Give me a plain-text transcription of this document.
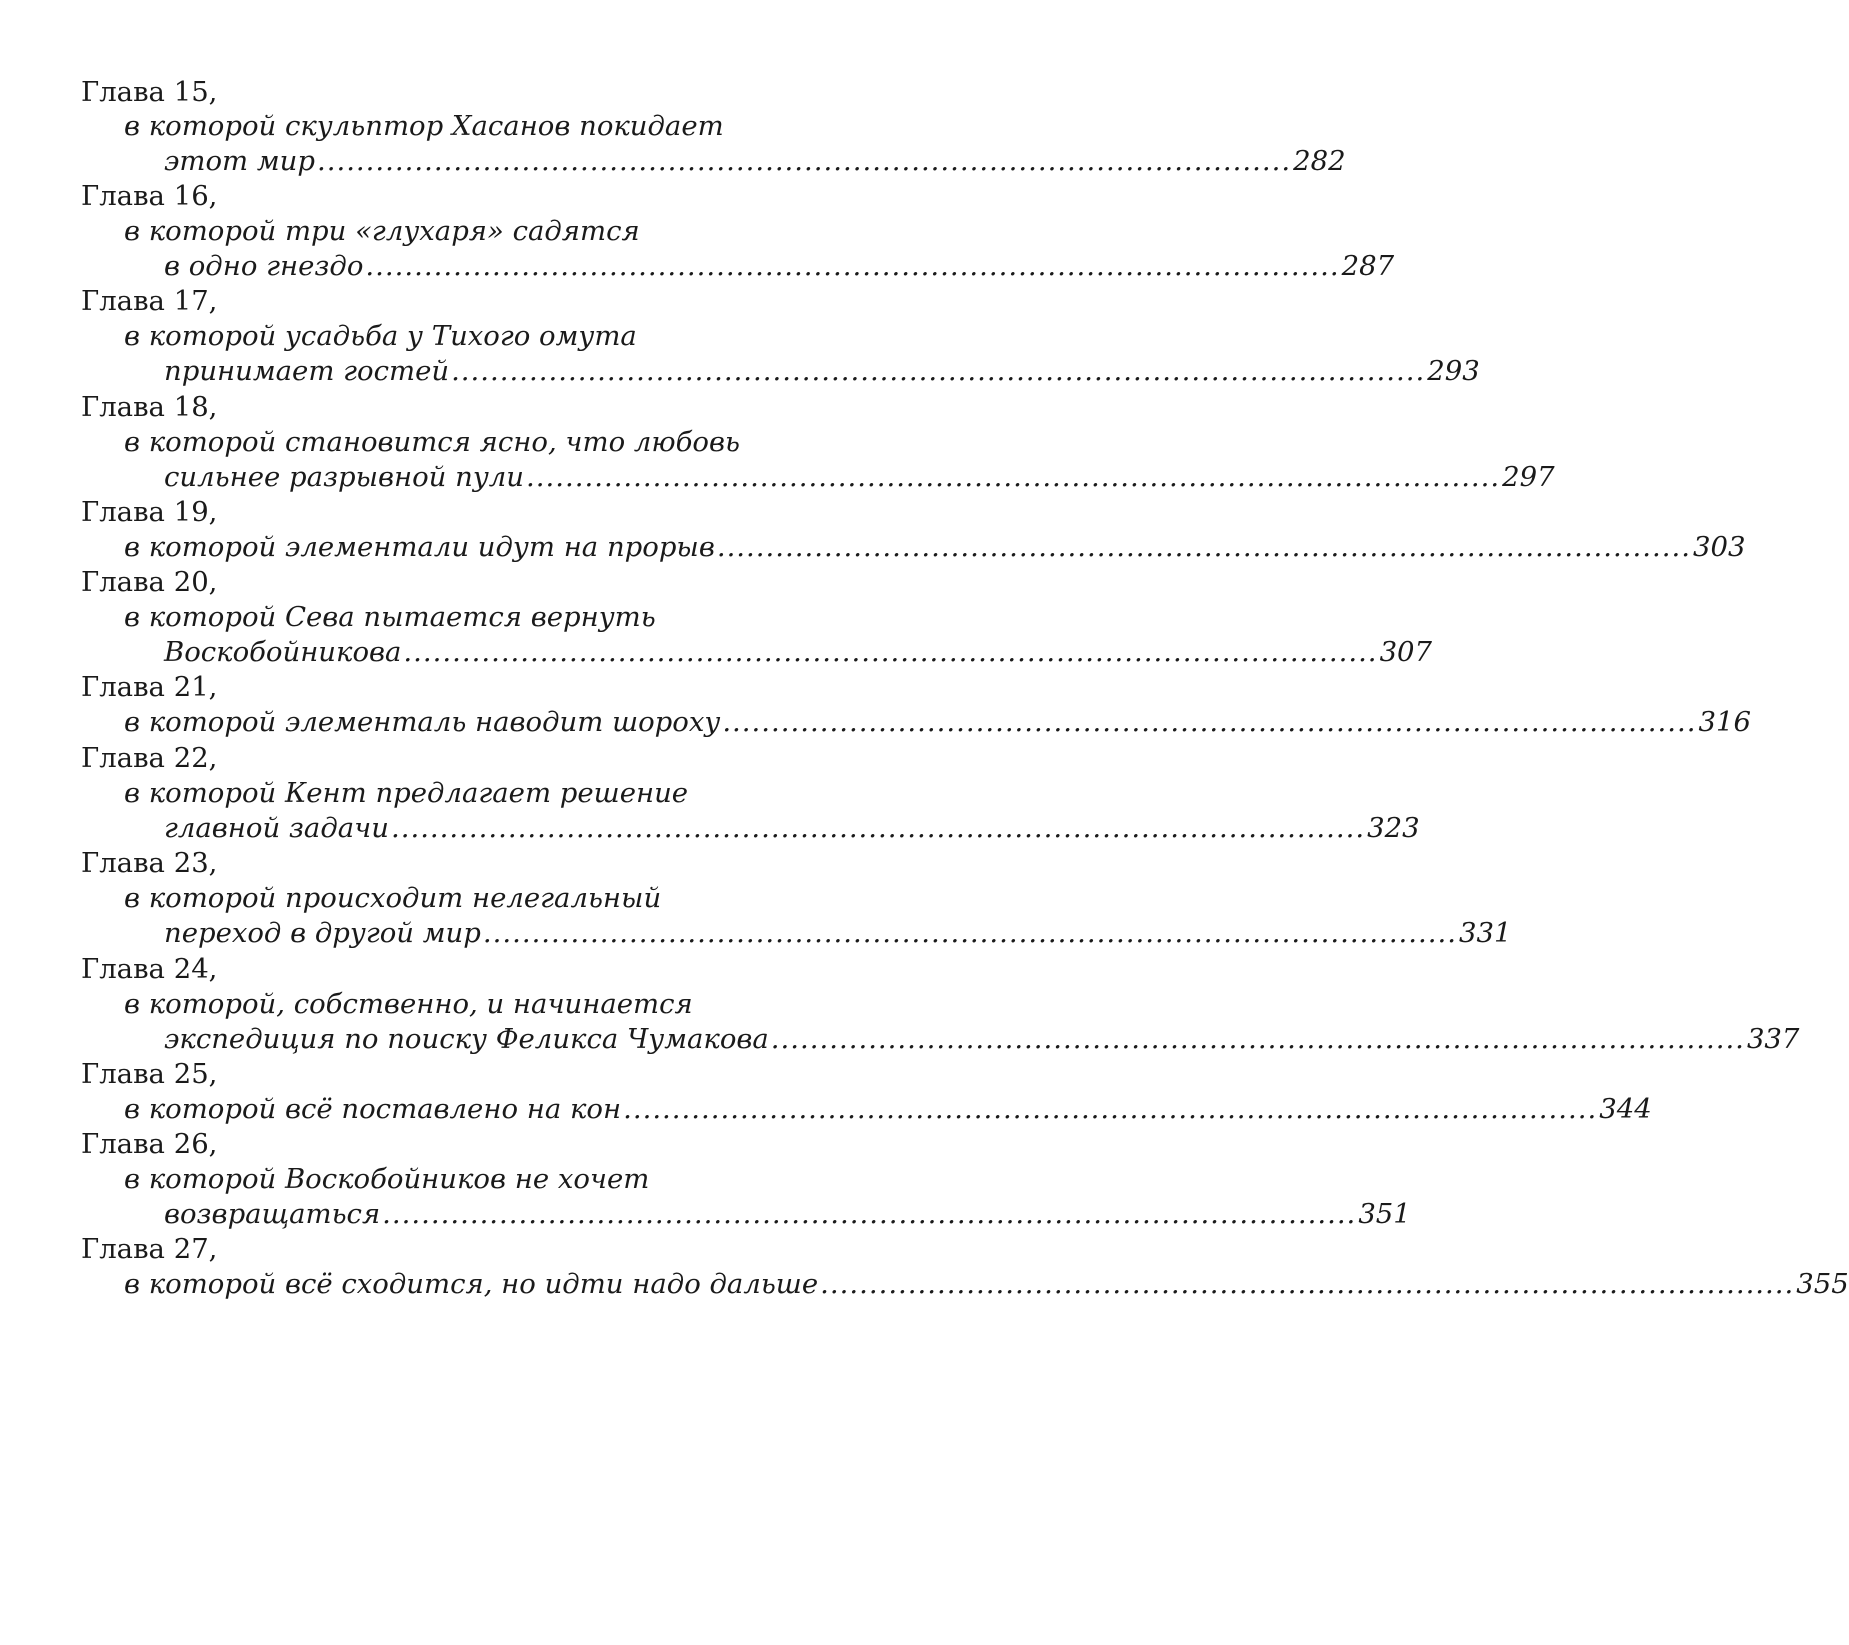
Глава 15,
в которой скульптор Хасанов покидает
этот мир .................................................................................................... 282
Глава 16,
в которой три «глухаря» садятся
в одно гнездо .................................................................................................... 287
Глава 17,
в которой усадьба у Тихого омута
принимает гостей .................................................................................................... 293
Глава 18,
в которой становится ясно, что любовь
сильнее разрывной пули .................................................................................................... 297
Глава 19,
в которой элементали идут на прорыв .................................................................................................... 303
Глава 20,
в которой Сева пытается вернуть
Воскобойникова .................................................................................................... 307
Глава 21,
в которой элементаль наводит шороху .................................................................................................... 316
Глава 22,
в которой Кент предлагает решение
главной задачи .................................................................................................... 323
Глава 23,
в которой происходит нелегальный
переход в другой мир .................................................................................................... 331
Глава 24,
в которой, собственно, и начинается
экспедиция по поиску Феликса Чумакова .................................................................................................... 337
Глава 25,
в которой всё поставлено на кон .................................................................................................... 344
Глава 26,
в которой Воскобойников не хочет
возвращаться .................................................................................................... 351
Глава 27,
в которой всё сходится, но идти надо дальше .................................................................................................... 355
